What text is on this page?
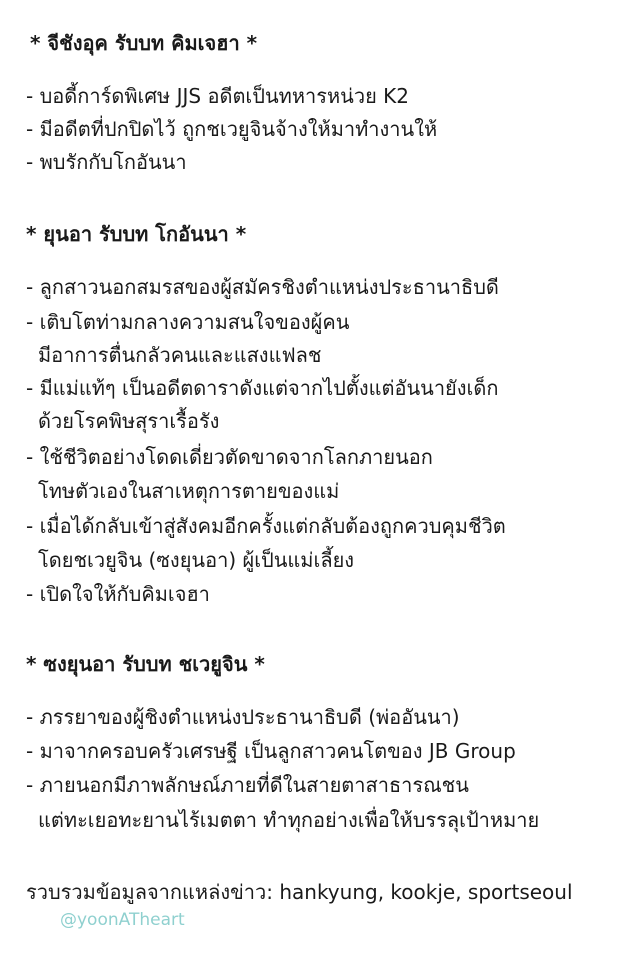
* จีชังอุค รับบท คิมเจฮา *
- บอดี้การ์ดพิเศษ JJS อดีตเป็นทหารหน่วย K2
- มีอดีตที่ปกปิดไว้ ถูกชเวยูจินจ้างให้มาทำงานให้
- พบรักกับโกอันนา
* ยุนอา รับบท โกอันนา *
- ลูกสาวนอกสมรสของผู้สมัครชิงตำแหน่งประธานาธิบดี
- เติบโตท่ามกลางความสนใจของผู้คน
มีอาการตื่นกลัวคนและแสงแฟลช
- มีแม่แท้ๆ เป็นอดีตดาราดังแต่จากไปตั้งแต่อันนายังเด็ก
ด้วยโรคพิษสุราเรื้อรัง
- ใช้ชีวิตอย่างโดดเดี่ยวตัดขาดจากโลกภายนอก
โทษตัวเองในสาเหตุการตายของแม่
- เมื่อได้กลับเข้าสู่สังคมอีกครั้งแต่กลับต้องถูกควบคุมชีวิต
โดยชเวยูจิน (ซงยุนอา) ผู้เป็นแม่เลี้ยง
- เปิดใจให้กับคิมเจฮา
* ซงยุนอา รับบท ชเวยูจิน *
- ภรรยาของผู้ชิงตำแหน่งประธานาธิบดี (พ่ออันนา)
- มาจากครอบครัวเศรษฐี เป็นลูกสาวคนโตของ JB Group
- ภายนอกมีภาพลักษณ์ภายที่ดีในสายตาสาธารณชน
แต่ทะเยอทะยานไร้เมตตา ทำทุกอย่างเพื่อให้บรรลุเป้าหมาย
รวบรวมข้อมูลจากแหล่งข่าว: hankyung, kookje, sportseoul
@yoonATheart
